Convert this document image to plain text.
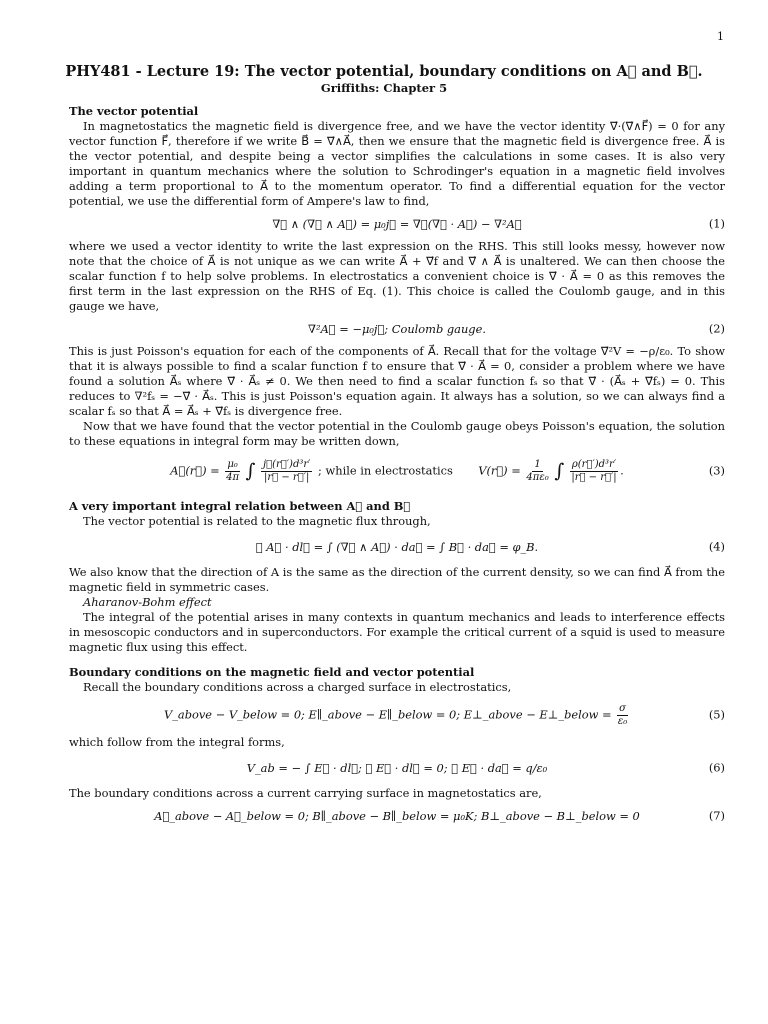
1
PHY481 - Lecture 19: The vector potential, boundary conditions on A⃗ and B⃗.
Griffiths: Chapter 5
The vector potential

In magnetostatics the magnetic field is divergence free, and we have the vector identity ∇⃗·(∇⃗∧F⃗) = 0 for any vector function F⃗, therefore if we write B⃗ = ∇⃗∧A⃗, then we ensure that the magnetic field is divergence free. A⃗ is the vector potential, and despite being a vector simplifies the calculations in some cases. It is also very important in quantum mechanics where the solution to Schrodinger's equation in a magnetic field involves adding a term proportional to A⃗ to the momentum operator. To find a differential equation for the vector potential, we use the differential form of Ampere's law to find,

∇⃗ ∧ (∇⃗ ∧ A⃗) = μ₀j⃗ = ∇⃗(∇⃗ · A⃗) − ∇²A⃗	(1)

where we used a vector identity to write the last expression on the RHS. This still looks messy, however now note that the choice of A⃗ is not unique as we can write A⃗ + ∇⃗f and ∇⃗ ∧ A⃗ is unaltered. We can then choose the scalar function f to help solve problems. In electrostatics a convenient choice is ∇⃗ · A⃗ = 0 as this removes the first term in the last expression on the RHS of Eq. (1). This choice is called the Coulomb gauge, and in this gauge we have,

∇²A⃗ = −μ₀j⃗; Coulomb gauge.	(2)

This is just Poisson's equation for each of the components of A⃗. Recall that for the voltage ∇⃗²V = −ρ/ε₀. To show that it is always possible to find a scalar function f to ensure that ∇⃗ · A⃗ = 0, consider a problem where we have found a solution A⃗ₛ where ∇⃗ · A⃗ₛ ≠ 0. We then need to find a scalar function fₛ so that ∇⃗ · (A⃗ₛ + ∇⃗fₛ) = 0. This reduces to ∇²fₛ = −∇⃗ · A⃗ₛ. This is just Poisson's equation again. It always has a solution, so we can always find a scalar fₛ so that A⃗ = A⃗ₛ + ∇⃗fₛ is divergence free.

Now that we have found that the vector potential in the Coulomb gauge obeys Poisson's equation, the solution to these equations in integral form may be written down,

A⃗(r⃗) = $\frac{\text{μ₀}}{4\pi}$ ∫ $\frac{\text{j⃗(r⃗′)d³r′}}{|r⃗ - r⃗'|}$ ; while in electrostatics V(r⃗) = $\frac{1}{\text{4πε₀}}$ ∫ $\frac{\text{ρ(r⃗′)d³r′}}{|r⃗ - r⃗'|}$ .	(3)
A very important integral relation between A⃗ and B⃗

The vector potential is related to the magnetic flux through,

∮ A⃗ · dl⃗ = ∫ (∇⃗ ∧ A⃗) · da⃗ = ∫ B⃗ · da⃗ = φ_B.	(4)

We also know that the direction of A is the same as the direction of the current density, so we can find A⃗ from the magnetic field in symmetric cases.

Aharanov-Bohm effect

The integral of the potential arises in many contexts in quantum mechanics and leads to interference effects in mesoscopic conductors and in superconductors. For example the critical current of a squid is used to measure magnetic flux using this effect.

Boundary conditions on the magnetic field and vector potential

Recall the boundary conditions across a charged surface in electrostatics,

V_above − V_below = 0; E∥_above − E∥_below = 0; E⊥_above − E⊥_below = $\frac{\sigma}{\text{ε₀}}$	(5)

which follow from the integral forms,

V_ab = − ∫ E⃗ · dl⃗; ∮ E⃗ · dl⃗ = 0; ∮ E⃗ · da⃗ = q/ε₀	(6)

The boundary conditions across a current carrying surface in magnetostatics are,

A⃗_above − A⃗_below = 0; B∥_above − B∥_below = μ₀K; B⊥_above − B⊥_below = 0	(7)
